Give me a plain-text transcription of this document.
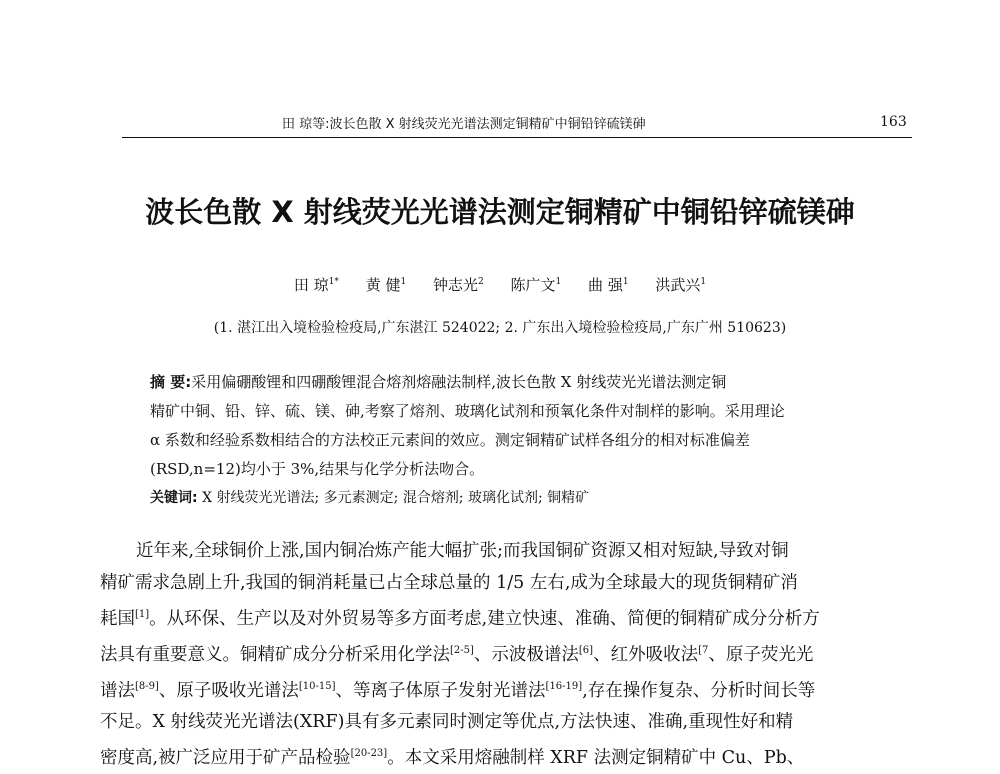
田 琼等:波长色散 X 射线荧光光谱法测定铜精矿中铜铅锌硫镁砷	163
波长色散 X 射线荧光光谱法测定铜精矿中铜铅锌硫镁砷
田 琼$^{1*}$ 黄 健$^1$ 钟志光$^2$ 陈广文$^1$ 曲 强$^1$ 洪武兴$^1$
(1. 湛江出入境检验检疫局,广东湛江 524022; 2. 广东出入境检验检疫局,广东广州 510623)
摘 要:采用偏硼酸锂和四硼酸锂混合熔剂熔融法制样,波长色散 X 射线荧光光谱法测定铜
精矿中铜、铅、锌、硫、镁、砷,考察了熔剂、玻璃化试剂和预氧化条件对制样的影响。采用理论
α 系数和经验系数相结合的方法校正元素间的效应。测定铜精矿试样各组分的相对标准偏差
(RSD,n=12)均小于 3%,结果与化学分析法吻合。
关键词: X 射线荧光光谱法; 多元素测定; 混合熔剂; 玻璃化试剂; 铜精矿
近年来,全球铜价上涨,国内铜冶炼产能大幅扩张;而我国铜矿资源又相对短缺,导致对铜
精矿需求急剧上升,我国的铜消耗量已占全球总量的 1/5 左右,成为全球最大的现货铜精矿消
耗国[1]。从环保、生产以及对外贸易等多方面考虑,建立快速、准确、简便的铜精矿成分分析方
法具有重要意义。铜精矿成分分析采用化学法[2-5]、示波极谱法[6]、红外吸收法$^{[7}$、原子荧光光
谱法[8-9]、原子吸收光谱法[10-15]、等离子体原子发射光谱法[16-19],存在操作复杂、分析时间长等
不足。X 射线荧光光谱法(XRF)具有多元素同时测定等优点,方法快速、准确,重现性好和精
密度高,被广泛应用于矿产品检验[20-23]。本文采用熔融制样 XRF 法测定铜精矿中 Cu、Pb、
